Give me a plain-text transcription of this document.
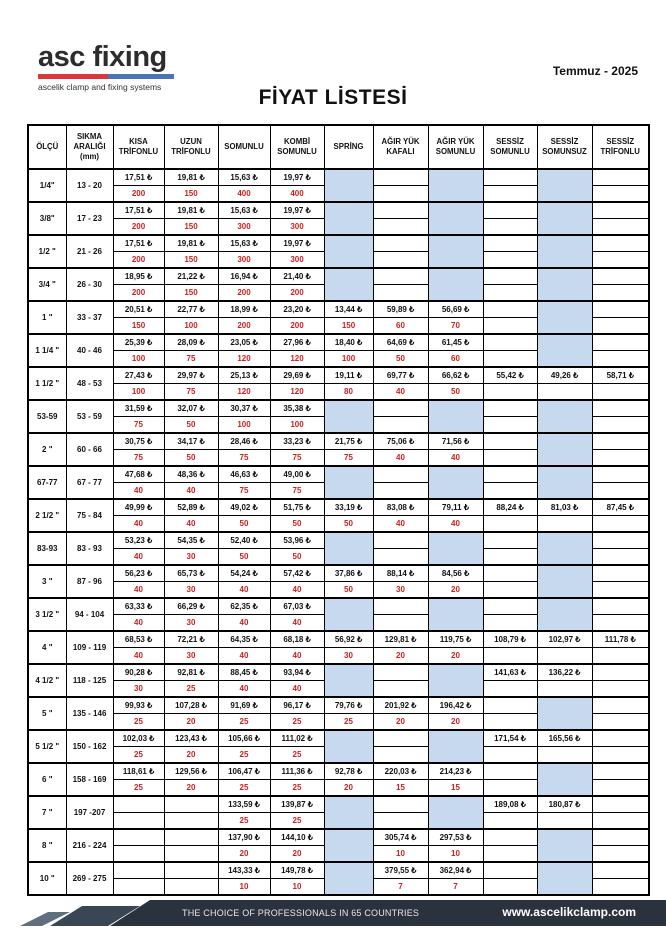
asc fixing
ascelik clamp and fixing systems
Temmuz - 2025
FİYAT LİSTESİ
ÖLÇÜ	SIKMA
ARALIĞI
(mm)	KISA
TRİFONLU	UZUN
TRİFONLU	SOMUNLU	KOMBİ
SOMUNLU	SPRİNG	AĞIR YÜK
KAFALI	AĞIR YÜK
SOMUNLU	SESSİZ
SOMUNLU	SESSİZ
SOMUNSUZ	SESSİZ
TRİFONLU
1/4"	13 - 20	17,51 ₺	19,81 ₺	15,63 ₺	19,97 ₺						
		200	150	400	400						
3/8"	17 - 23	17,51 ₺	19,81 ₺	15,63 ₺	19,97 ₺						
		200	150	300	300						
1/2 "	21 - 26	17,51 ₺	19,81 ₺	15,63 ₺	19,97 ₺						
		200	150	300	300						
3/4 "	26 - 30	18,95 ₺	21,22 ₺	16,94 ₺	21,40 ₺						
		200	150	200	200						
1 "	33 - 37	20,51 ₺	22,77 ₺	18,99 ₺	23,20 ₺	13,44 ₺	59,89 ₺	56,69 ₺			
		150	100	200	200	150	60	70			
1 1/4 "	40 - 46	25,39 ₺	28,09 ₺	23,05 ₺	27,96 ₺	18,40 ₺	64,69 ₺	61,45 ₺			
		100	75	120	120	100	50	60			
1 1/2 "	48 - 53	27,43 ₺	29,97 ₺	25,13 ₺	29,69 ₺	19,11 ₺	69,77 ₺	66,62 ₺	55,42 ₺	49,26 ₺	58,71 ₺
		100	75	120	120	80	40	50			
53-59	53 - 59	31,59 ₺	32,07 ₺	30,37 ₺	35,38 ₺						
		75	50	100	100						
2 "	60 - 66	30,75 ₺	34,17 ₺	28,46 ₺	33,23 ₺	21,75 ₺	75,06 ₺	71,56 ₺			
		75	50	75	75	75	40	40			
67-77	67 - 77	47,68 ₺	48,36 ₺	46,63 ₺	49,00 ₺						
		40	40	75	75						
2 1/2 "	75 - 84	49,99 ₺	52,89 ₺	49,02 ₺	51,75 ₺	33,19 ₺	83,08 ₺	79,11 ₺	88,24 ₺	81,03 ₺	87,45 ₺
		40	40	50	50	50	40	40			
83-93	83 - 93	53,23 ₺	54,35 ₺	52,40 ₺	53,96 ₺						
		40	30	50	50						
3 "	87 - 96	56,23 ₺	65,73 ₺	54,24 ₺	57,42 ₺	37,86 ₺	88,14 ₺	84,56 ₺			
		40	30	40	40	50	30	20			
3 1/2 "	94 - 104	63,33 ₺	66,29 ₺	62,35 ₺	67,03 ₺						
		40	30	40	40						
4 "	109 - 119	68,53 ₺	72,21 ₺	64,35 ₺	68,18 ₺	56,92 ₺	129,81 ₺	119,75 ₺	108,79 ₺	102,97 ₺	111,78 ₺
		40	30	40	40	30	20	20			
4 1/2 "	118 - 125	90,28 ₺	92,81 ₺	88,45 ₺	93,94 ₺				141,63 ₺	136,22 ₺	
		30	25	40	40						
5 "	135 - 146	99,93 ₺	107,28 ₺	91,69 ₺	96,17 ₺	79,76 ₺	201,92 ₺	196,42 ₺			
		25	20	25	25	25	20	20			
5 1/2 "	150 - 162	102,03 ₺	123,43 ₺	105,66 ₺	111,02 ₺				171,54 ₺	165,56 ₺	
		25	20	25	25						
6 "	158 - 169	118,61 ₺	129,56 ₺	106,47 ₺	111,36 ₺	92,78 ₺	220,03 ₺	214,23 ₺			
		25	20	25	25	20	15	15			
7 "	197 -207			133,59 ₺	139,87 ₺				189,08 ₺	180,87 ₺	
				25	25						
8 "	216 - 224			137,90 ₺	144,10 ₺		305,74 ₺	297,53 ₺			
				20	20		10	10			
10 "	269 - 275			143,33 ₺	149,78 ₺		379,55 ₺	362,94 ₺			
				10	10		7	7			
THE CHOICE OF PROFESSIONALS IN 65 COUNTRIES	www.ascelikclamp.com
